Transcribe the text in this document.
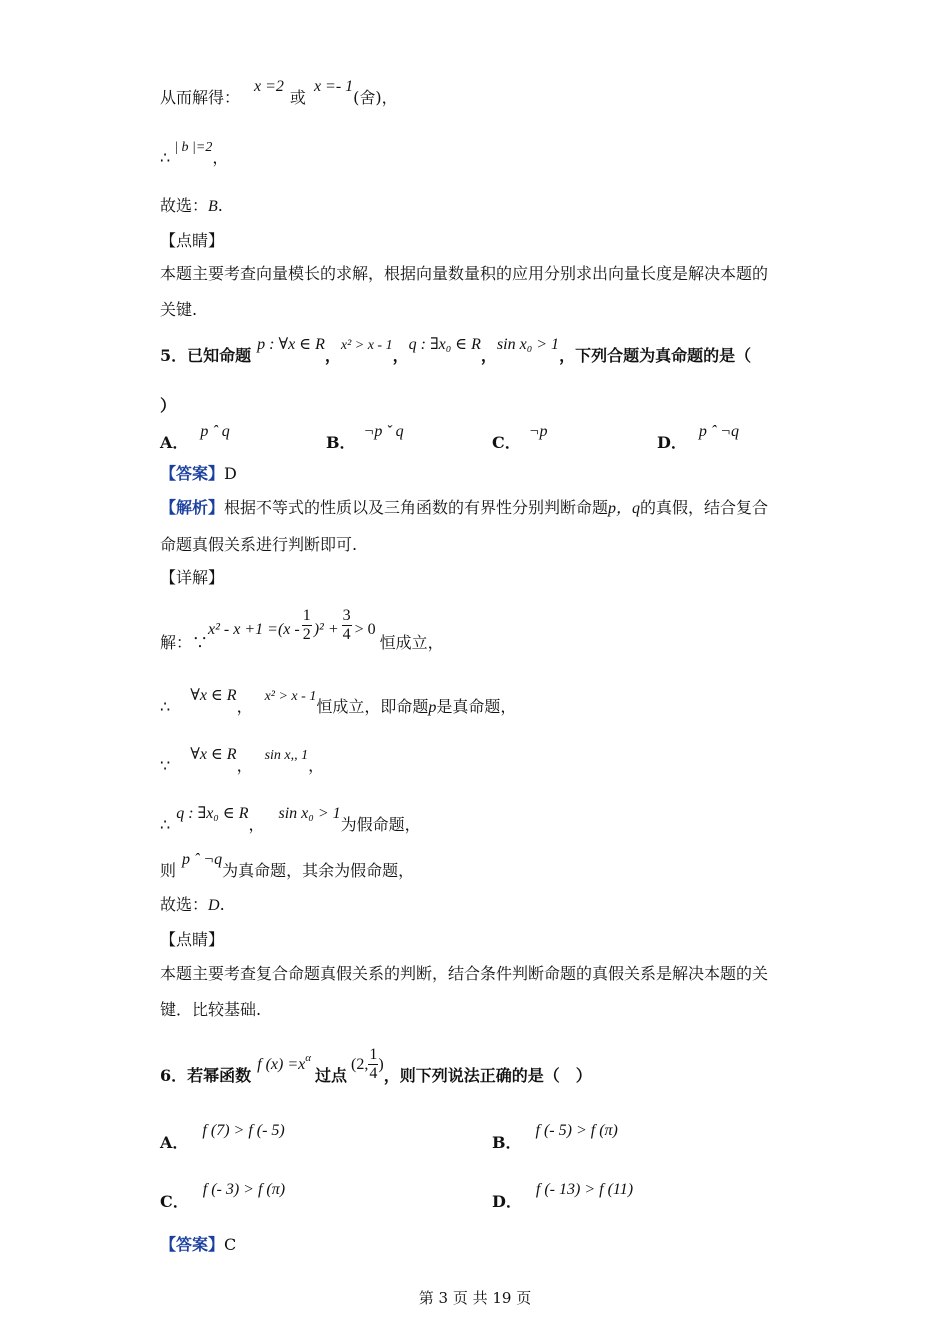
从而解得：x =2或x =- 1(舍)，
∴| b |=2，
故选：B.
【点睛】
本题主要考查向量模长的求解，根据向量数量积的应用分别求出向量长度是解决本题的
关键.
5．已知命题p : ∀x ∈ R，x² > x - 1，q : ∃x₀ ∈ R，sin x₀ > 1，下列合题为真命题的是（
）
A．p ˆ q
B．¬p ˇ q
C．¬p
D．p ˆ ¬q
【答案】D
【解析】根据不等式的性质以及三角函数的有界性分别判断命题p，q的真假，结合复合
命题真假关系进行判断即可.
【详解】
解：∵x² - $x +1 =(x - \frac{1}{2} )^2 + \frac{3}{4} > 0$恒成立，
∴∀x ∈ R，x² > x - 1恒成立，即命题p是真命题，
∵∀x ∈ R，sin x,, 1，
∴q : ∃x₀ ∈ R，sin x₀ > 1为假命题，
则p ˆ ¬q为真命题，其余为假命题，
故选：D.
【点睛】
本题主要考查复合命题真假关系的判断，结合条件判断命题的真假关系是解决本题的关
键．比较基础.
6．若幂函数f $(x) =x^\alpha$过点(2, $\frac{1}{4}$ )，则下列说法正确的是（　）
A．f (7) > f (- 5)
B．f (- 5) > f (π)
C．f (- 3) > f (π)
D．f (- 13) > f (11)
【答案】C
第 3 页 共 19 页
